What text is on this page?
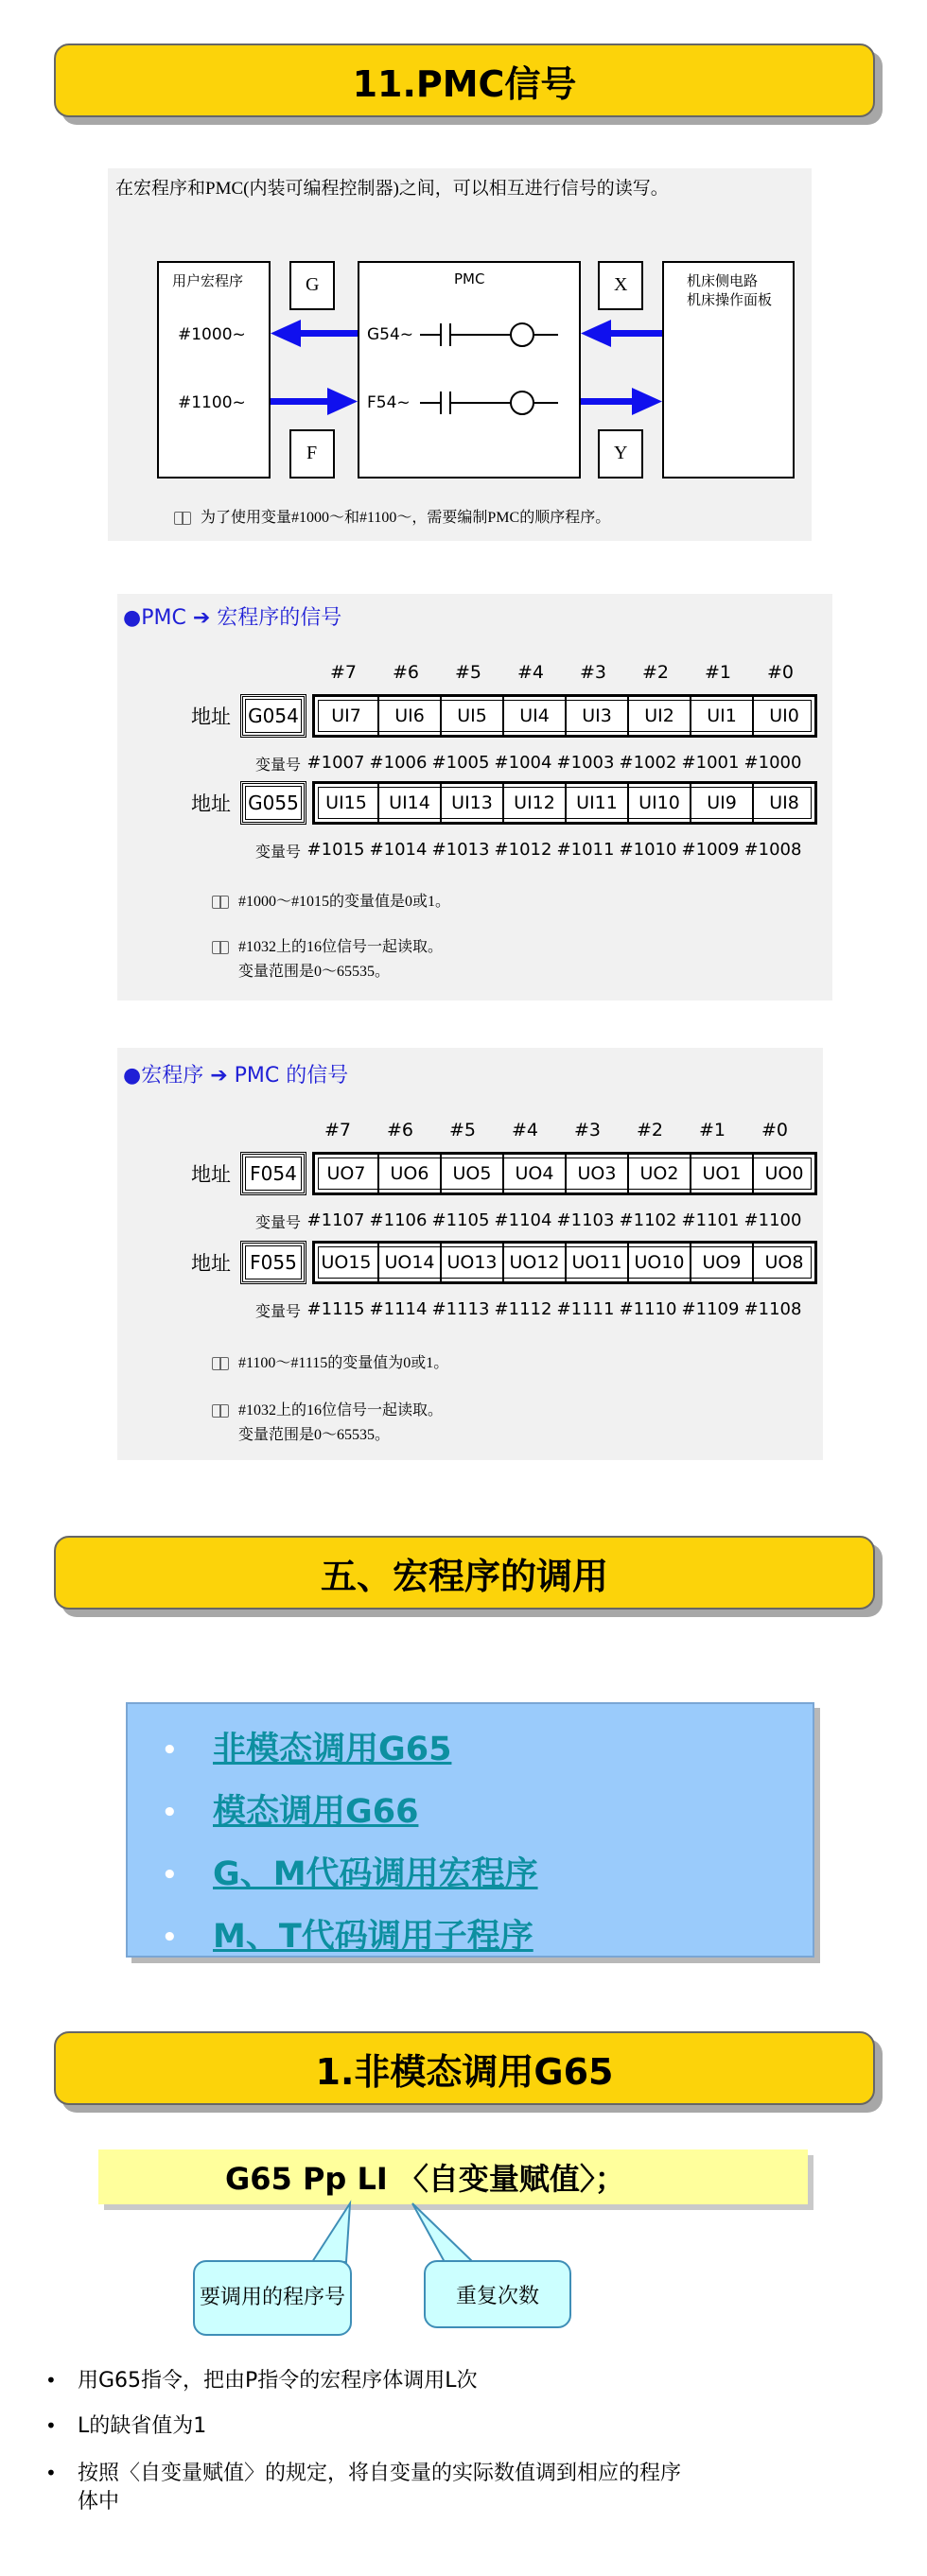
11.PMC信号
在宏程序和PMC(内装可编程控制器)之间，可以相互进行信号的读写。
用户宏程序
#1000~
#1100~
G
F
PMC
G54~
F54~
X
Y
机床侧电路
机床操作面板
为了使用变量#1000～和#1100～，需要编制PMC的顺序程序。
●PMC ➔ 宏程序的信号
#7	#6	#5	#4	#3	#2	#1	#0
地址 G054	UI7	UI6	UI5	UI4	UI3	UI2	UI1	UI0
变量号 #1007 #1006 #1005 #1004 #1003 #1002 #1001 #1000
地址 G055	UI15	UI14	UI13	UI12	UI11	UI10	UI9	UI8
变量号 #1015 #1014 #1013 #1012 #1011 #1010 #1009 #1008
#1000～#1015的变量值是0或1。
#1032上的16位信号一起读取。
变量范围是0～65535。
●宏程序 ➔ PMC 的信号
#7	#6	#5	#4	#3	#2	#1	#0
地址	F054	UO7	UO6	UO5	UO4	UO3	UO2	UO1	UO0
变量号 #1107 #1106 #1105 #1104 #1103 #1102 #1101 #1100
地址	F055	UO15 UO14 UO13 UO12 UO11 UO10	UO9	UO8
变量号 #1115 #1114 #1113 #1112 #1111 #1110 #1109 #1108
#1100～#1115的变量值为0或1。
#1032上的16位信号一起读取。
变量范围是0～65535。
五、宏程序的调用
• 非模态调用G65
• 模态调用G66
• G、M代码调用宏程序
• M、T代码调用子程序
1.非模态调用G65
G65 Pp LI 〈自变量赋值〉；
要调用的程序号	重复次数
• 用G65指令，把由P指令的宏程序体调用L次
• L的缺省值为1
• 按照〈自变量赋值〉的规定，将自变量的实际数值调到相应的程序
体中
